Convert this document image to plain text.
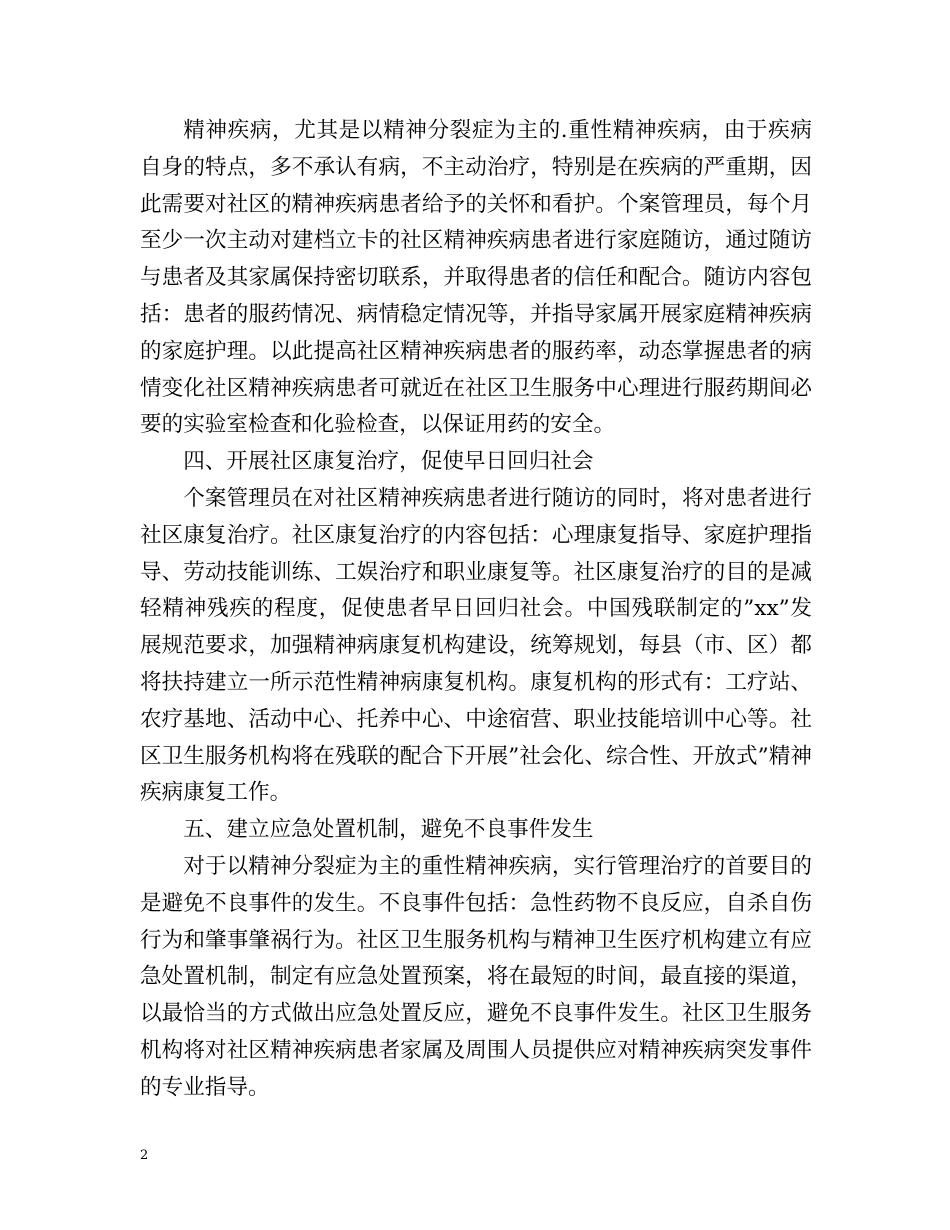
精神疾病，尤其是以精神分裂症为主的.重性精神疾病，由于疾病自身的特点，多不承认有病，不主动治疗，特别是在疾病的严重期，因此需要对社区的精神疾病患者给予的关怀和看护。个案管理员，每个月至少一次主动对建档立卡的社区精神疾病患者进行家庭随访，通过随访与患者及其家属保持密切联系，并取得患者的信任和配合。随访内容包括：患者的服药情况、病情稳定情况等，并指导家属开展家庭精神疾病的家庭护理。以此提高社区精神疾病患者的服药率，动态掌握患者的病情变化社区精神疾病患者可就近在社区卫生服务中心理进行服药期间必要的实验室检查和化验检查，以保证用药的安全。

四、开展社区康复治疗，促使早日回归社会

个案管理员在对社区精神疾病患者进行随访的同时，将对患者进行社区康复治疗。社区康复治疗的内容包括：心理康复指导、家庭护理指导、劳动技能训练、工娱治疗和职业康复等。社区康复治疗的目的是减轻精神残疾的程度，促使患者早日回归社会。中国残联制定的”xx”发展规范要求，加强精神病康复机构建设，统筹规划，每县（市、区）都将扶持建立一所示范性精神病康复机构。康复机构的形式有：工疗站、农疗基地、活动中心、托养中心、中途宿营、职业技能培训中心等。社区卫生服务机构将在残联的配合下开展”社会化、综合性、开放式”精神疾病康复工作。

五、建立应急处置机制，避免不良事件发生

对于以精神分裂症为主的重性精神疾病，实行管理治疗的首要目的是避免不良事件的发生。不良事件包括：急性药物不良反应，自杀自伤行为和肇事肇祸行为。社区卫生服务机构与精神卫生医疗机构建立有应急处置机制，制定有应急处置预案，将在最短的时间，最直接的渠道，以最恰当的方式做出应急处置反应，避免不良事件发生。社区卫生服务机构将对社区精神疾病患者家属及周围人员提供应对精神疾病突发事件的专业指导。

2
